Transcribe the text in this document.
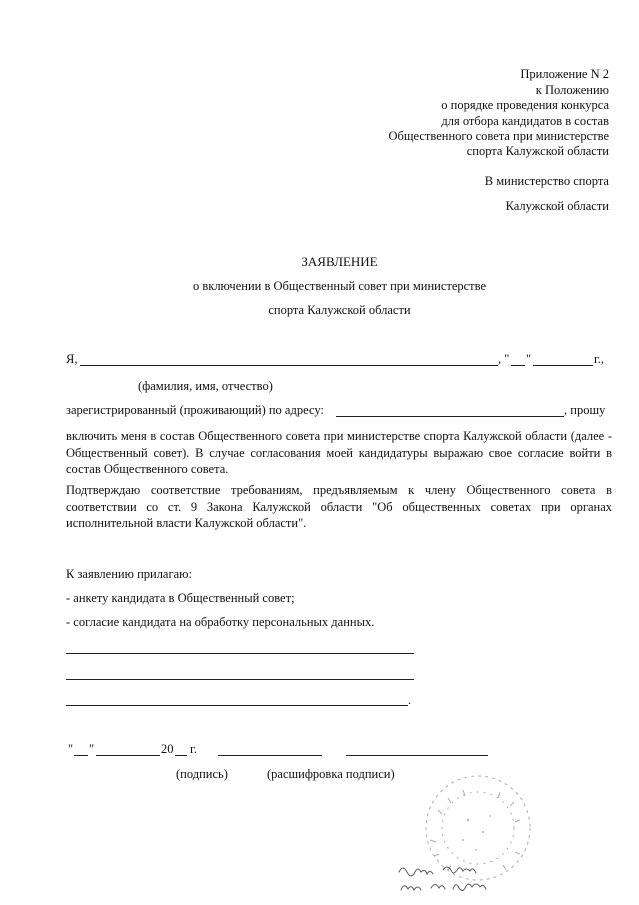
Приложение N 2
к Положению
о порядке проведения конкурса
для отбора кандидатов в состав
Общественного совета при министерстве
спорта Калужской области
В министерство спорта
Калужской области
ЗАЯВЛЕНИЕ
о включении в Общественный совет при министерстве
спорта Калужской области
Я,	, " "	г.,
(фамилия, имя, отчество)
зарегистрированный (проживающий) по адресу:	, прошу
включить меня в состав Общественного совета при министерстве спорта Калужской области (далее - Общественный совет). В случае согласования моей кандидатуры выражаю свое согласие войти в состав Общественного совета.
Подтверждаю соответствие требованиям, предъявляемым к члену Общественного совета в соответствии со ст. 9 Закона Калужской области "Об общественных советах при органах исполнительной власти Калужской области".
К заявлению прилагаю:
- анкету кандидата в Общественный совет;
- согласие кандидата на обработку персональных данных.
.
" "	20 г.
(подпись)	(расшифровка подписи)
